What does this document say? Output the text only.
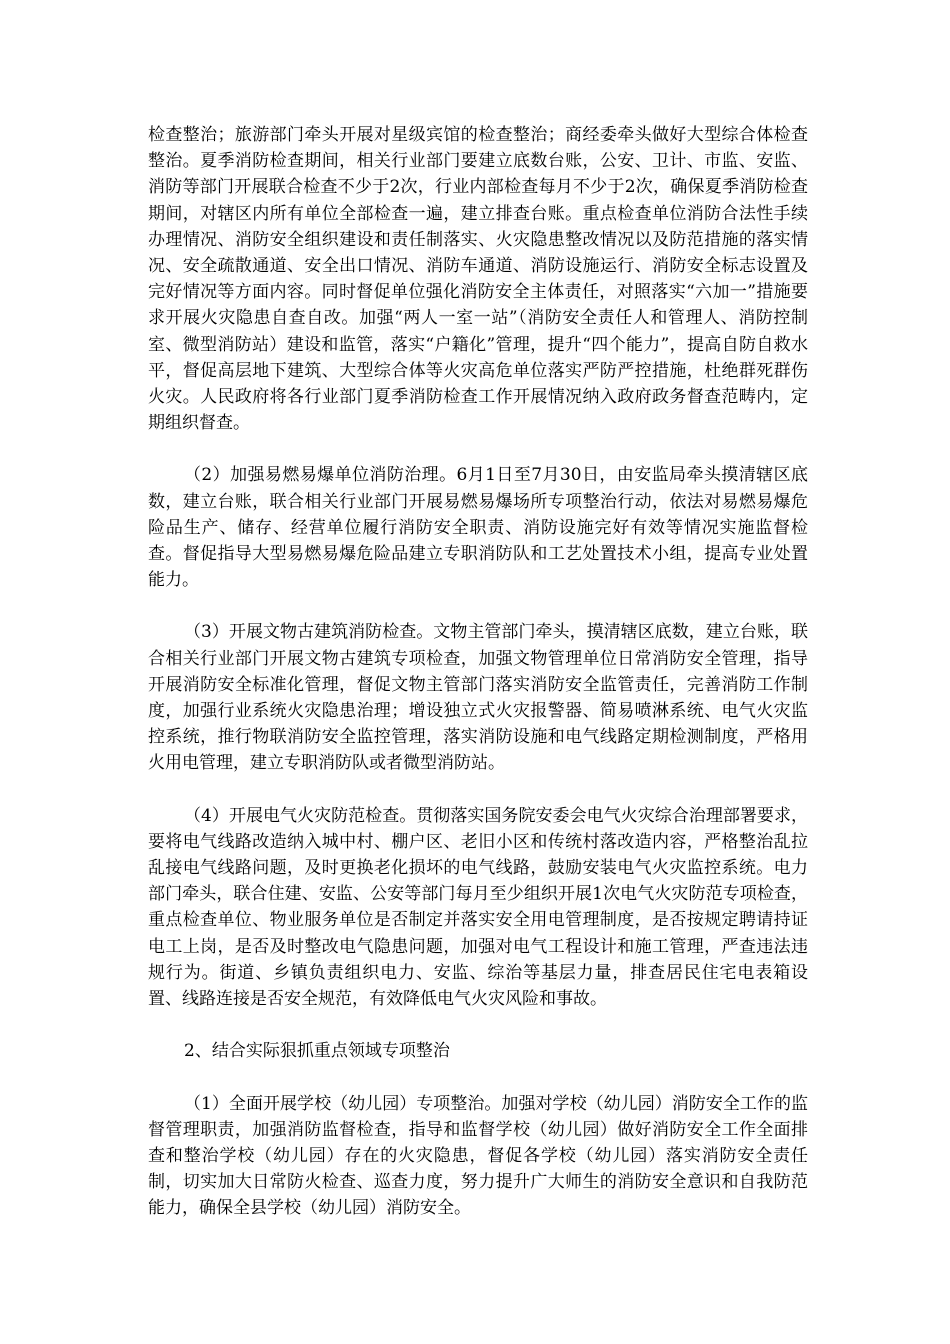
检查整治；旅游部门牵头开展对星级宾馆的检查整治；商经委牵头做好大型综合体检查整治。夏季消防检查期间，相关行业部门要建立底数台账，公安、卫计、市监、安监、消防等部门开展联合检查不少于2次，行业内部检查每月不少于2次，确保夏季消防检查期间，对辖区内所有单位全部检查一遍，建立排查台账。重点检查单位消防合法性手续办理情况、消防安全组织建设和责任制落实、火灾隐患整改情况以及防范措施的落实情况、安全疏散通道、安全出口情况、消防车通道、消防设施运行、消防安全标志设置及完好情况等方面内容。同时督促单位强化消防安全主体责任，对照落实“六加一”措施要求开展火灾隐患自查自改。加强“两人一室一站”（消防安全责任人和管理人、消防控制室、微型消防站）建设和监管，落实“户籍化”管理，提升“四个能力”，提高自防自救水平，督促高层地下建筑、大型综合体等火灾高危单位落实严防严控措施，杜绝群死群伤火灾。人民政府将各行业部门夏季消防检查工作开展情况纳入政府政务督查范畴内，定期组织督查。

（2）加强易燃易爆单位消防治理。6月1日至7月30日，由安监局牵头摸清辖区底数，建立台账，联合相关行业部门开展易燃易爆场所专项整治行动，依法对易燃易爆危险品生产、储存、经营单位履行消防安全职责、消防设施完好有效等情况实施监督检查。督促指导大型易燃易爆危险品建立专职消防队和工艺处置技术小组，提高专业处置能力。

（3）开展文物古建筑消防检查。文物主管部门牵头，摸清辖区底数，建立台账，联合相关行业部门开展文物古建筑专项检查，加强文物管理单位日常消防安全管理，指导开展消防安全标准化管理，督促文物主管部门落实消防安全监管责任，完善消防工作制度，加强行业系统火灾隐患治理；增设独立式火灾报警器、简易喷淋系统、电气火灾监控系统，推行物联消防安全监控管理，落实消防设施和电气线路定期检测制度，严格用火用电管理，建立专职消防队或者微型消防站。

（4）开展电气火灾防范检查。贯彻落实国务院安委会电气火灾综合治理部署要求，要将电气线路改造纳入城中村、棚户区、老旧小区和传统村落改造内容，严格整治乱拉乱接电气线路问题，及时更换老化损坏的电气线路，鼓励安装电气火灾监控系统。电力部门牵头，联合住建、安监、公安等部门每月至少组织开展1次电气火灾防范专项检查，重点检查单位、物业服务单位是否制定并落实安全用电管理制度，是否按规定聘请持证电工上岗，是否及时整改电气隐患问题，加强对电气工程设计和施工管理，严查违法违规行为。街道、乡镇负责组织电力、安监、综治等基层力量，排查居民住宅电表箱设置、线路连接是否安全规范，有效降低电气火灾风险和事故。

2、结合实际狠抓重点领域专项整治

（1）全面开展学校（幼儿园）专项整治。加强对学校（幼儿园）消防安全工作的监督管理职责，加强消防监督检查，指导和监督学校（幼儿园）做好消防安全工作全面排查和整治学校（幼儿园）存在的火灾隐患，督促各学校（幼儿园）落实消防安全责任制，切实加大日常防火检查、巡查力度，努力提升广大师生的消防安全意识和自我防范能力，确保全县学校（幼儿园）消防安全。
